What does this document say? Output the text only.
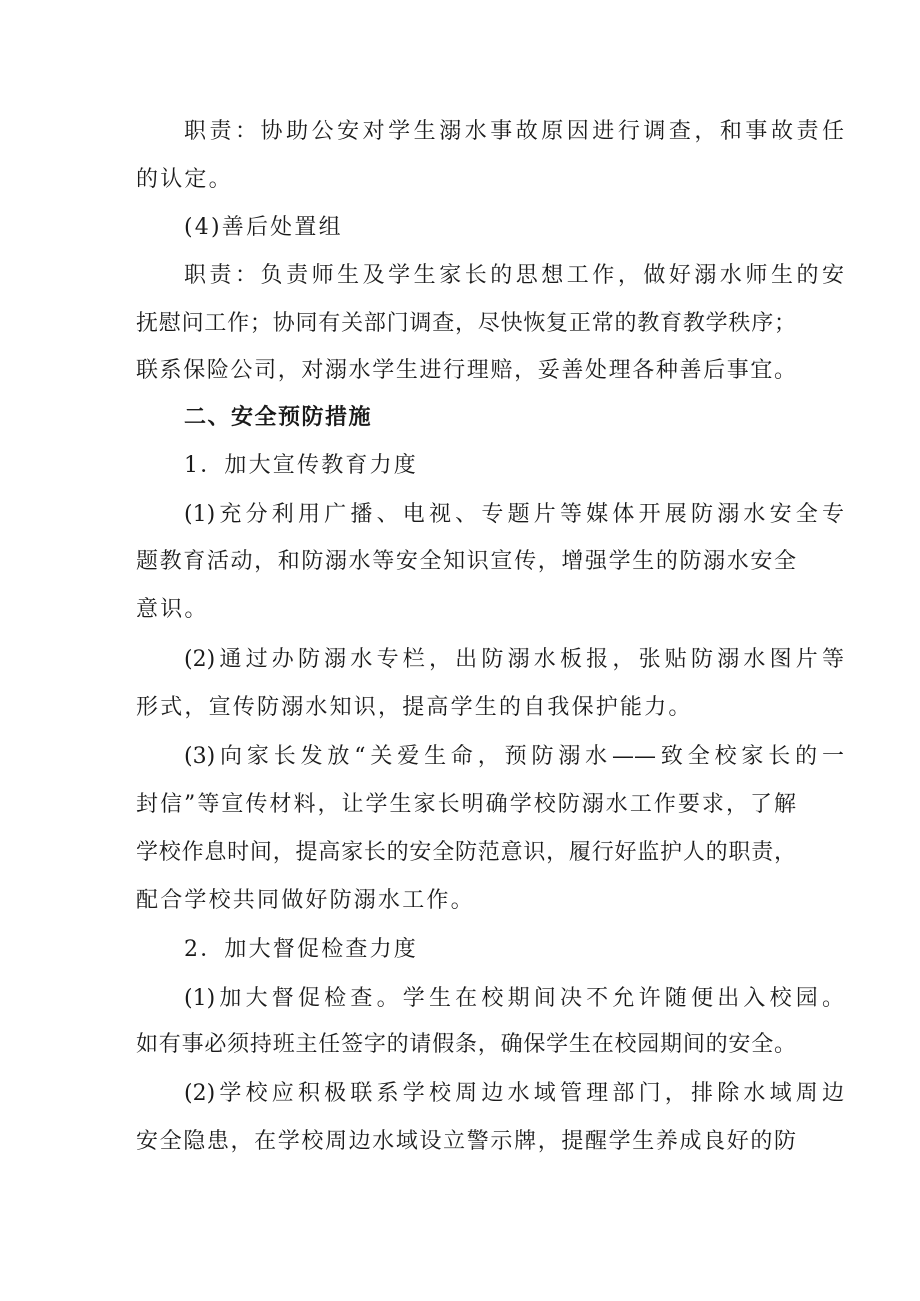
职责：协助公安对学生溺水事故原因进行调查，和事故责任
的认定。
(4)善后处置组
职责：负责师生及学生家长的思想工作，做好溺水师生的安
抚慰问工作；协同有关部门调查，尽快恢复正常的教育教学秩序；
联系保险公司，对溺水学生进行理赔，妥善处理各种善后事宜。
二、安全预防措施
1．加大宣传教育力度
(1)充分利用广播、电视、专题片等媒体开展防溺水安全专
题教育活动，和防溺水等安全知识宣传，增强学生的防溺水安全
意识。
(2)通过办防溺水专栏，出防溺水板报，张贴防溺水图片等
形式，宣传防溺水知识，提高学生的自我保护能力。
(3)向家长发放“关爱生命，预防溺水——致全校家长的一
封信”等宣传材料，让学生家长明确学校防溺水工作要求，了解
学校作息时间，提高家长的安全防范意识，履行好监护人的职责，
配合学校共同做好防溺水工作。
2．加大督促检查力度
(1)加大督促检查。学生在校期间决不允许随便出入校园。
如有事必须持班主任签字的请假条，确保学生在校园期间的安全。
(2)学校应积极联系学校周边水域管理部门，排除水域周边
安全隐患，在学校周边水域设立警示牌，提醒学生养成良好的防
